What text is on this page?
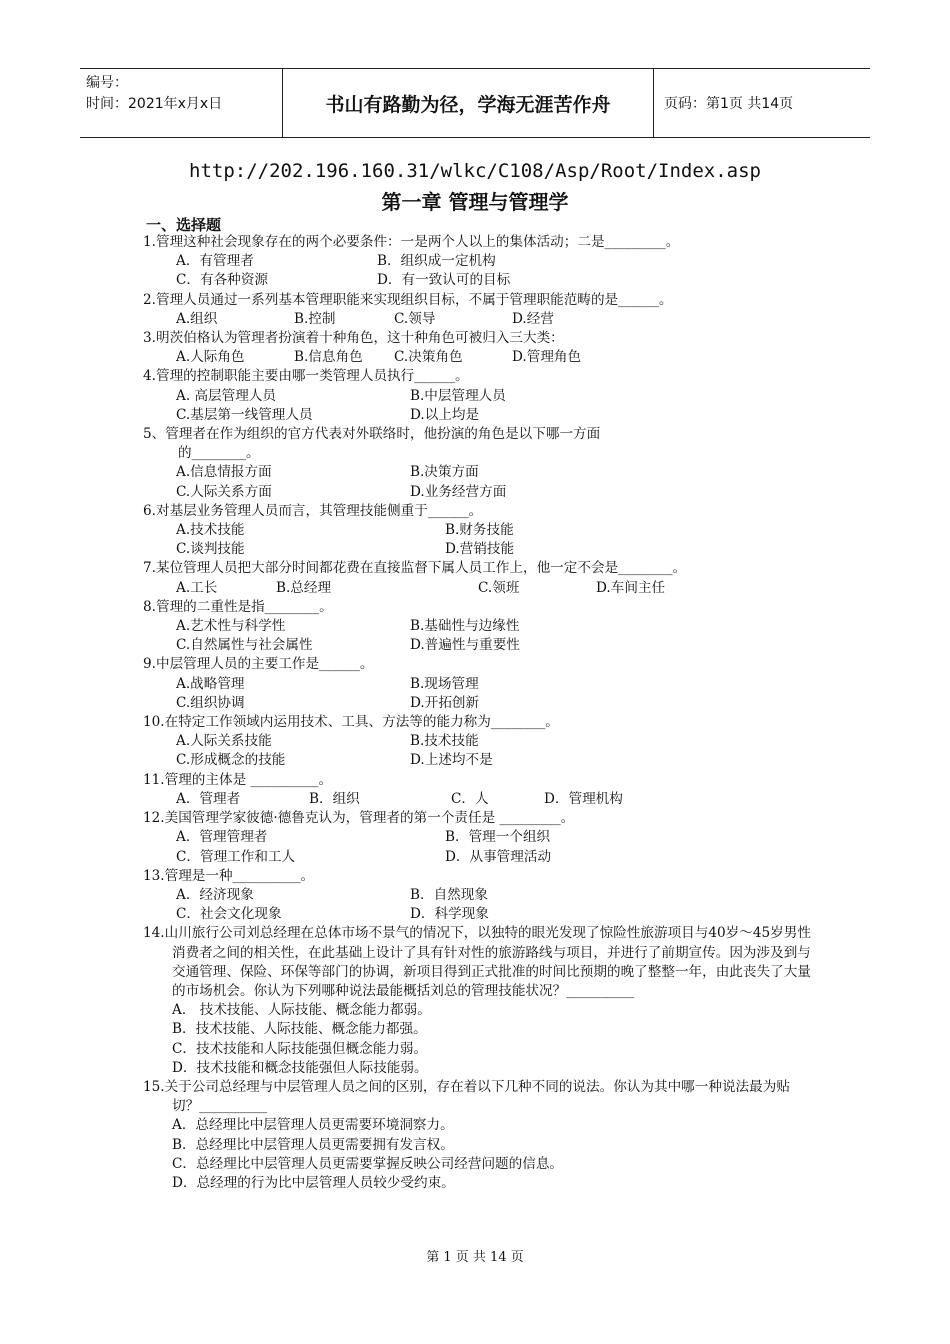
编号：
时间：2021年x月x日	书山有路勤为径，学海无涯苦作舟	页码：第1页 共14页
http://202.196.160.31/wlkc/C108/Asp/Root/Index.asp
第一章 管理与管理学
一、选择题
1.管理这种社会现象存在的两个必要条件：一是两个人以上的集体活动；二是_________。
A．有管理者	B．组织成一定机构
C．有各种资源	D．有一致认可的目标
2.管理人员通过一系列基本管理职能来实现组织目标，不属于管理职能范畴的是______。
A.组织	B.控制	C.领导	D.经营
3.明茨伯格认为管理者扮演着十种角色，这十种角色可被归入三大类：
A.人际角色	B.信息角色	C.决策角色	D.管理角色
4.管理的控制职能主要由哪一类管理人员执行______。
A. 高层管理人员	B.中层管理人员
C.基层第一线管理人员	D.以上均是
5、管理者在作为组织的官方代表对外联络时，他扮演的角色是以下哪一方面
的________。
A.信息情报方面	B.决策方面
C.人际关系方面	D.业务经营方面
6.对基层业务管理人员而言，其管理技能侧重于______。
A.技术技能	B.财务技能
C.谈判技能	D.营销技能
7.某位管理人员把大部分时间都花费在直接监督下属人员工作上，他一定不会是________。
A.工长	B.总经理	C.领班	D.车间主任
8.管理的二重性是指________。
A.艺术性与科学性	B.基础性与边缘性
C.自然属性与社会属性	D.普遍性与重要性
9.中层管理人员的主要工作是______。
A.战略管理	B.现场管理
C.组织协调	D.开拓创新
10.在特定工作领域内运用技术、工具、方法等的能力称为________。
A.人际关系技能	B.技术技能
C.形成概念的技能	D.上述均不是
11.管理的主体是 __________。
A．管理者	B．组织	C．人	D．管理机构
12.美国管理学家彼德·德鲁克认为，管理者的第一个责任是 _________。
A．管理管理者	B．管理一个组织
C．管理工作和工人	D．从事管理活动
13.管理是一种__________。
A．经济现象	B．自然现象
C．社会文化现象	D．科学现象
14.山川旅行公司刘总经理在总体市场不景气的情况下，以独特的眼光发现了惊险性旅游项目与40岁～45岁男性消费者之间的相关性，在此基础上设计了具有针对性的旅游路线与项目，并进行了前期宣传。因为涉及到与交通管理、保险、环保等部门的协调，新项目得到正式批准的时间比预期的晚了整整一年，由此丧失了大量的市场机会。你认为下列哪种说法最能概括刘总的管理技能状况？__________
A． 技术技能、人际技能、概念能力都弱。
B．技术技能、人际技能、概念能力都强。
C．技术技能和人际技能强但概念能力弱。
D．技术技能和概念技能强但人际技能弱。
15.关于公司总经理与中层管理人员之间的区别，存在着以下几种不同的说法。你认为其中哪一种说法最为贴切？__________
A．总经理比中层管理人员更需要环境洞察力。
B．总经理比中层管理人员更需要拥有发言权。
C．总经理比中层管理人员更需要掌握反映公司经营问题的信息。
D．总经理的行为比中层管理人员较少受约束。
第 1 页 共 14 页
